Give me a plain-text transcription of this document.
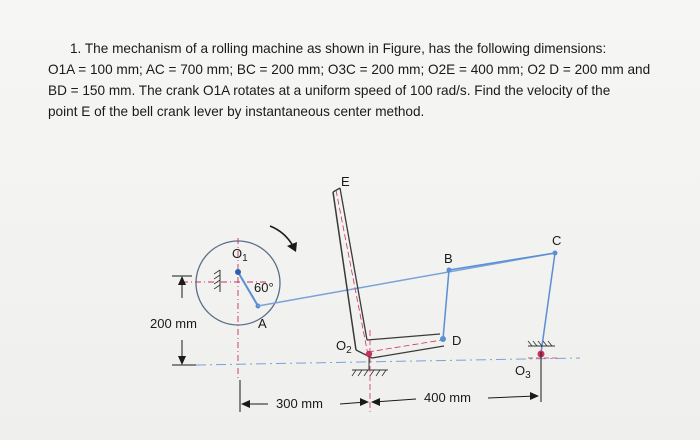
1. The mechanism of a rolling machine as shown in Figure, has the following dimensions:
O1A = 100 mm; AC = 700 mm; BC = 200 mm; O3C = 200 mm; O2E = 400 mm; O2 D = 200 mm and
BD = 150 mm. The crank O1A rotates at a uniform speed of 100 rad/s. Find the velocity of the
point E of the bell crank lever by instantaneous center method.
E
$O_1$
60°
A
B
C
D
$O_2$
$O_3$
200 mm
300 mm	400 mm
